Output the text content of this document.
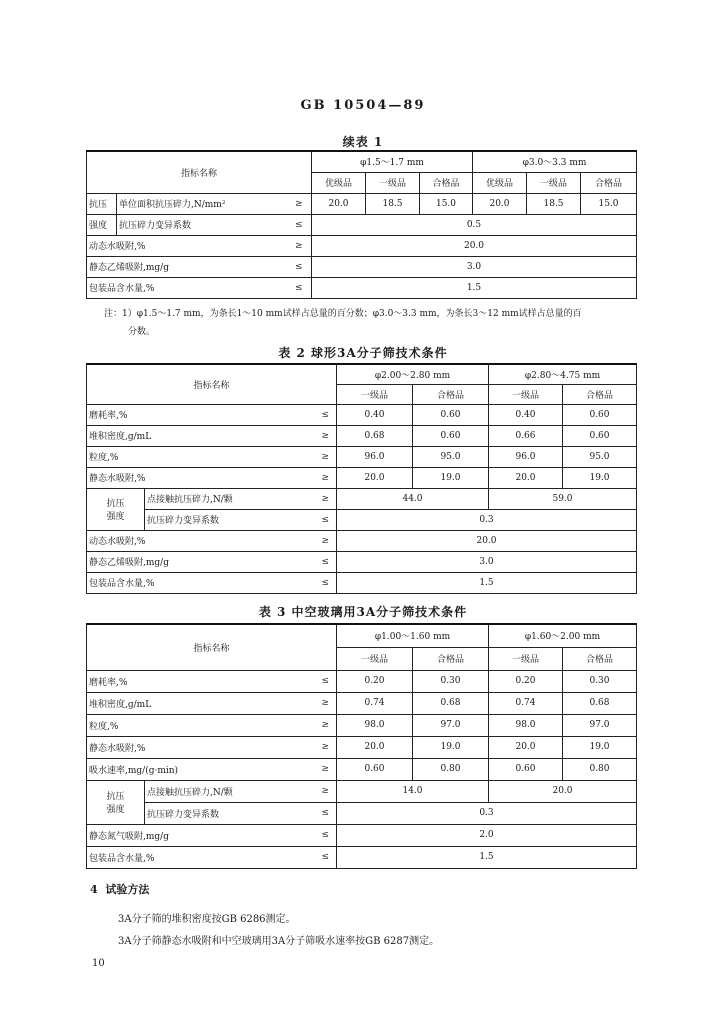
GB 10504—89
续表 1
指标名称			φ1.5～1.7 mm			φ3.0～3.3 mm		
			优级品	一级品	合格品	优级品	一级品	合格品
抗压	单位面积抗压碎力,N/mm²	≥	20.0	18.5	15.0	20.0	18.5	15.0
强度	抗压碎力变异系数	≤	0.5					
动态水吸附,%		≥	20.0					
静态乙烯吸附,mg/g		≤	3.0					
包装品含水量,%		≤	1.5					
注：1）φ1.5～1.7 mm，为条长1～10 mm试样占总量的百分数；φ3.0～3.3 mm，为条长3～12 mm试样占总量的百
分数。
表 2 球形3A分子筛技术条件
指标名称			φ2.00～2.80 mm		φ2.80～4.75 mm	
			一级品	合格品	一级品	合格品
磨耗率,%		≤	0.40	0.60	0.40	0.60
堆积密度,g/mL		≥	0.68	0.60	0.66	0.60
粒度,%		≥	96.0	95.0	96.0	95.0
静态水吸附,%		≥	20.0	19.0	20.0	19.0
抗压
强度	点接触抗压碎力,N/颗	≥	44.0		59.0	
	抗压碎力变异系数	≤	0.3			
动态水吸附,%		≥	20.0			
静态乙烯吸附,mg/g		≤	3.0			
包装品含水量,%		≤	1.5			
表 3 中空玻璃用3A分子筛技术条件
指标名称			φ1.00～1.60 mm		φ1.60～2.00 mm	
			一级品	合格品	一级品	合格品
磨耗率,%		≤	0.20	0.30	0.20	0.30
堆积密度,g/mL		≥	0.74	0.68	0.74	0.68
粒度,%		≥	98.0	97.0	98.0	97.0
静态水吸附,%		≥	20.0	19.0	20.0	19.0
吸水速率,mg/(g·min)		≥	0.60	0.80	0.60	0.80
抗压
强度	点接触抗压碎力,N/颗	≥	14.0		20.0	
	抗压碎力变异系数	≤	0.3			
静态氮气吸附,mg/g		≤	2.0			
包装品含水量,%		≤	1.5			
4 试验方法
3A分子筛的堆积密度按GB 6286测定。
3A分子筛静态水吸附和中空玻璃用3A分子筛吸水速率按GB 6287测定。
10
